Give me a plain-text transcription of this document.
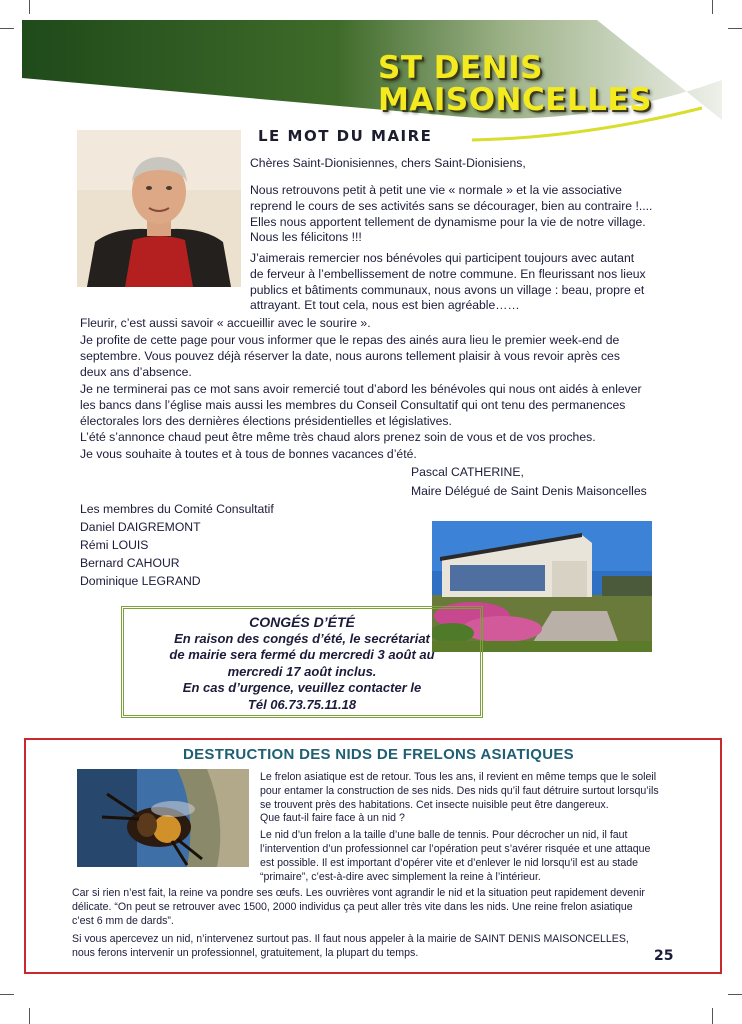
ST DENIS
MAISONCELLES
LE MOT DU MAIRE

Chères Saint-Dionisiennes, chers Saint-Dionisiens,

Nous retrouvons petit à petit une vie « normale » et la vie associative

reprend le cours de ses activités sans se décourager, bien au contraire !....

Elles nous apportent tellement de dynamisme pour la vie de notre village.

Nous les félicitons !!!

J’aimerais remercier nos bénévoles qui participent toujours avec autant

de ferveur à l’embellissement de notre commune. En fleurissant nos lieux

publics et bâtiments communaux, nous avons un village : beau, propre et

attrayant. Et tout cela, nous est bien agréable……

Fleurir, c’est aussi savoir « accueillir avec le sourire ».

Je profite de cette page pour vous informer que le repas des ainés aura lieu le premier week-end de

septembre. Vous pouvez déjà réserver la date, nous aurons tellement plaisir à vous revoir après ces

deux ans d’absence.

Je ne terminerai pas ce mot sans avoir remercié tout d’abord les bénévoles qui nous ont aidés à enlever

les bancs dans l’église mais aussi les membres du Conseil Consultatif qui ont tenu des permanences

électorales lors des dernières élections présidentielles et législatives.

L’été s’annonce chaud peut être même très chaud alors prenez soin de vous et de vos proches.

Je vous souhaite à toutes et à tous de bonnes vacances d’été.

Pascal CATHERINE,
Maire Délégué de Saint Denis Maisoncelles
Les membres du Comité Consultatif
Daniel DAIGREMONT
Rémi LOUIS
Bernard CAHOUR
Dominique LEGRAND
CONGÉS D’ÉTÉ
En raison des congés d’été, le secrétariat
de mairie sera fermé du mercredi 3 août au
mercredi 17 août inclus.
En cas d’urgence, veuillez contacter le
Tél 06.73.75.11.18
DESTRUCTION DES NIDS DE FRELONS ASIATIQUES

Le frelon asiatique est de retour. Tous les ans, il revient en même temps que le soleil

pour entamer la construction de ses nids. Des nids qu’il faut détruire surtout lorsqu’ils

se trouvent près des habitations. Cet insecte nuisible peut être dangereux.

Que faut-il faire face à un nid ?

Le nid d’un frelon a la taille d’une balle de tennis. Pour décrocher un nid, il faut

l’intervention d’un professionnel car l’opération peut s’avérer risquée et une attaque

est possible. Il est important d’opérer vite et d’enlever le nid lorsqu’il est au stade

“primaire”, c’est-à-dire avec simplement la reine à l’intérieur.

Car si rien n’est fait, la reine va pondre ses œufs. Les ouvrières vont agrandir le nid et la situation peut rapidement devenir

délicate. “On peut se retrouver avec 1500, 2000 individus ça peut aller très vite dans les nids. Une reine frelon asiatique

c’est 6 mm de dards”.

Si vous apercevez un nid, n’intervenez surtout pas. Il faut nous appeler à la mairie de SAINT DENIS MAISONCELLES,

nous ferons intervenir un professionnel, gratuitement, la plupart du temps.	25
